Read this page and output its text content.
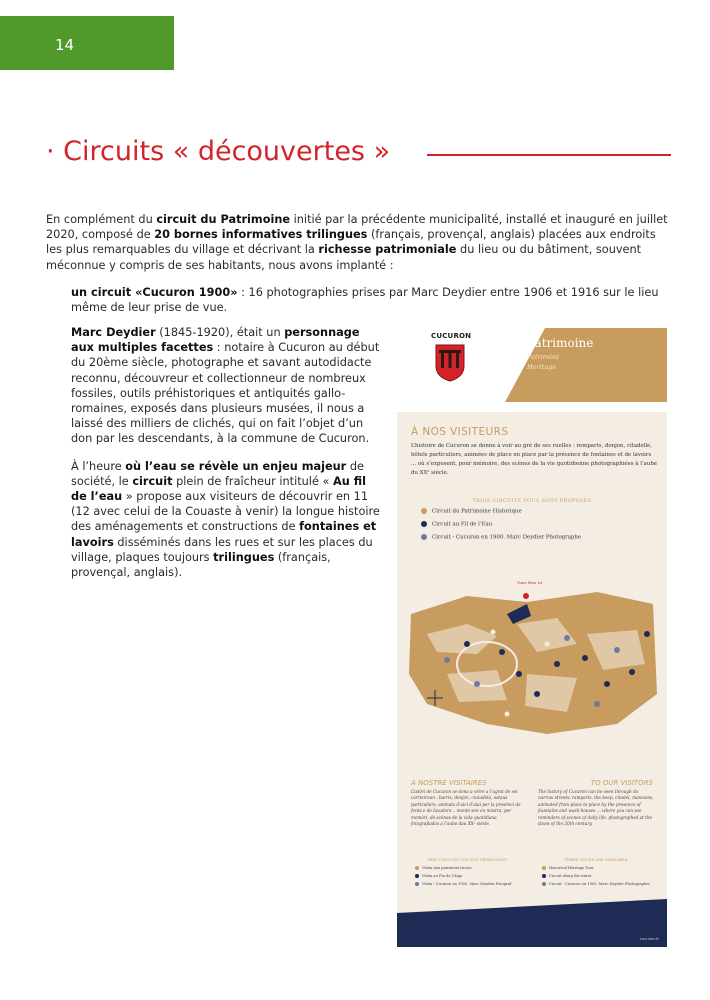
14
· Circuits « découvertes »
En complément du circuit du Patrimoine initié par la précédente municipalité, installé et inauguré en juillet 2020, composé de 20 bornes informatives trilingues (français, provençal, anglais) placées aux endroits les plus remarquables du village et décrivant la richesse patrimoniale du lieu ou du bâtiment, souvent méconnue y compris de ses habitants, nous avons implanté :
un circuit «Cucuron 1900» : 16 photographies prises par Marc Deydier entre 1906 et 1916 sur le lieu même de leur prise de vue.

Marc Deydier (1845-1920), était un personnage aux multiples facettes : notaire à Cucuron au début du 20ème siècle, photographe et savant autodidacte reconnu, découvreur et collectionneur de nombreux fossiles, outils préhistoriques et antiquités gallo-romaines, exposés dans plusieurs musées, il nous a laissé des milliers de clichés, qui on fait l’objet d’un don par les descendants, à la commune de Cucuron.

À l’heure où l’eau se révèle un enjeu majeur de société, le circuit plein de fraîcheur intitulé « Au fil de l’eau » propose aux visiteurs de découvrir en 11 (12 avec celui de la Couaste à venir) la longue histoire des aménagements et constructions de fontaines et lavoirs disséminés dans les rues et sur les places du village, plaques toujours trilingues (français, provençal, anglais).

CUCURON	Patrimoine
Patrimòni
Heritage
À NOS VISITEURS
L’histoire de Cucuron se donne à voir au gré de ses ruelles : remparts, donjon, citadelle, hôtels particuliers, animées de place en place par la présence de fontaines et de lavoirs ... où s’exposent, pour mémoire, des scènes de la vie quotidienne photographiées à l’aube du XXᵉ siècle.
TROIS CIRCUITS VOUS SONT PROPOSÉS
Circuit du Patrimoine Historique
Circuit au Fil de l’Eau
Circuit - Cucuron en 1900. Marc Deydier Photographe
Vous êtes ici
A NOSTRE VISITAIRES	TO OUR VISITORS
L’istòri de Cucuron se dona a vèire a l’agrat de sei carrieiroun : barris, donjon, ciutadèla, ostaus particuliers, animats d’aicí d’alai per la presènci de fonts e de lavadors... monte son en mòstra, per memòri, de scènas de la vida quotidiana fotografiadas a l’aubo dau XXᵉ siècle.
The history of Cucuron can be seen through its narrow streets: ramparts, the keep, citadel, mansions, animated from place to place by the presence of fountains and wash-houses ... where you can see reminders of scenes of daily life, photographed at the dawn of the 20th century.
TRES CIRCUITS VOS SON PROPAUSATS	THREE TOURS ARE AVAILABLE
Visita dau patrimòni istoric
Visita au Fiu de l’Aiga
Visita - Cucuron en 1900. Marc Deydier Fotograf
Historical Heritage Tour
Circuit along the water
Circuit - Cucuron en 1900. Marc Deydier Photographer
cucuron.fr
